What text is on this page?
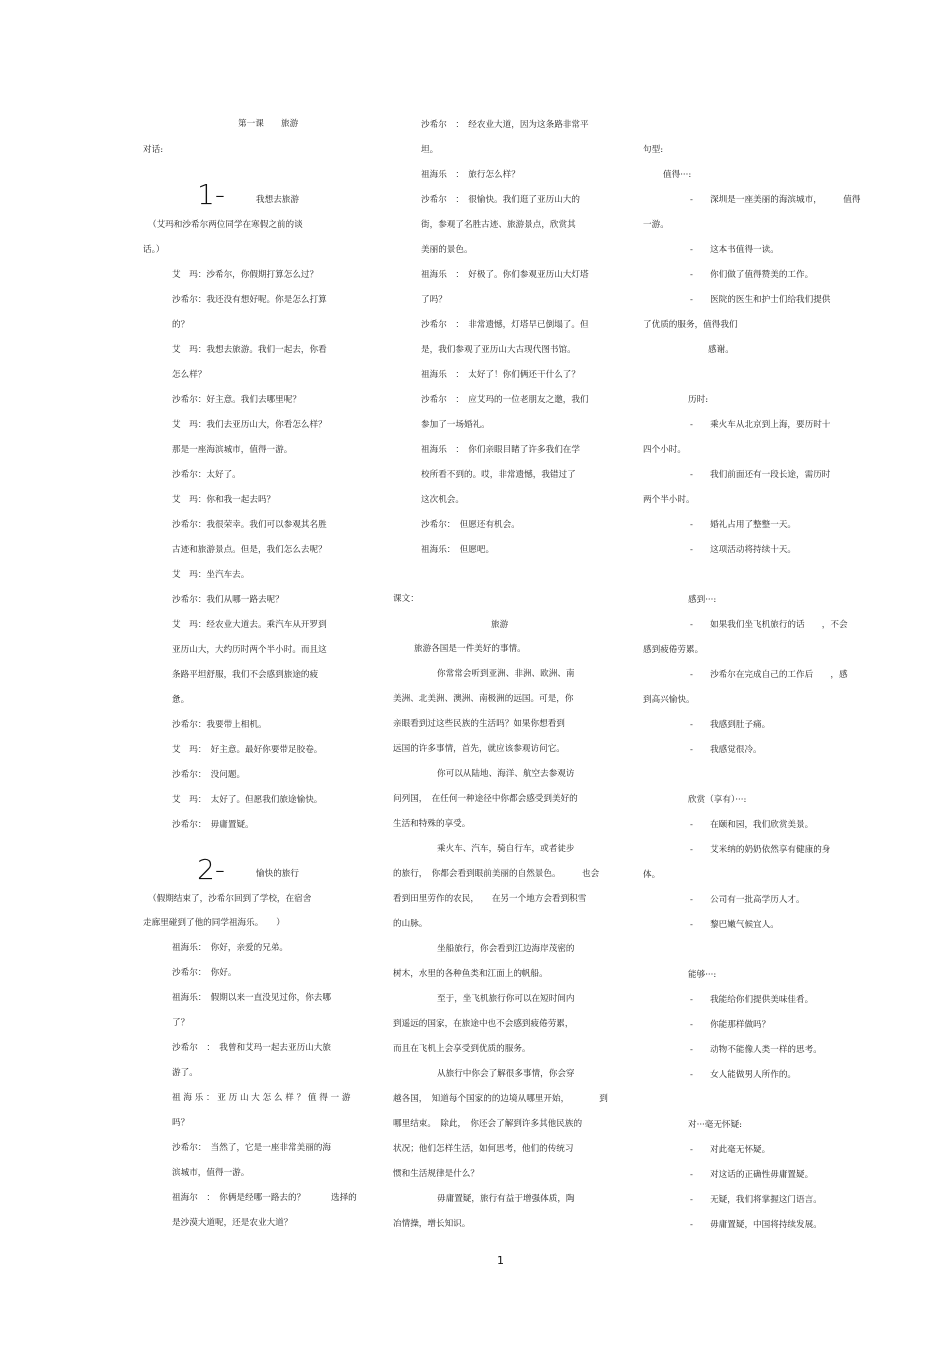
第一课　　旅游
对话:
1-	我想去旅游
（艾玛和沙希尔两位同学在寒假之前的谈
话。）
艾　玛：沙希尔，你假期打算怎么过？
沙希尔：我还没有想好呢。你是怎么打算
的？
艾　玛：我想去旅游。我们一起去，你看
怎么样？
沙希尔：好主意。我们去哪里呢？
艾　玛：我们去亚历山大，你看怎么样？
那是一座海滨城市，值得一游。
沙希尔：太好了。
艾　玛：你和我一起去吗？
沙希尔：我很荣幸。我们可以参观其名胜
古迹和旅游景点。但是，我们怎么去呢？
艾　玛：坐汽车去。
沙希尔：我们从哪一路去呢？
艾　玛：经农业大道去。乘汽车从开罗到
亚历山大，大约历时两个半小时。而且这
条路平坦舒服，我们不会感到旅途的疲
惫。
沙希尔：我要带上相机。
艾　玛：　好主意。最好你要带足胶卷。
沙希尔：　没问题。
艾　玛：　太好了。但愿我们旅途愉快。
沙希尔：　毋庸置疑。
2-	愉快的旅行
（假期结束了，沙希尔回到了学校，在宿舍
走廊里碰到了他的同学祖海乐。　　）
祖海乐：　你好，亲爱的兄弟。
沙希尔：　你好。
祖海乐：　假期以来一直没见过你，你去哪
了？
沙希尔　：　我曾和艾玛一起去亚历山大旅
游了。
祖 海 乐 ： 亚 历 山 大 怎 么 样 ？ 值 得 一 游
吗？
沙希尔：　当然了，它是一座非常美丽的海
滨城市，值得一游。
祖海尔　：　你俩是经哪一路去的？　　　选择的
是沙漠大道呢，还是农业大道？
沙希尔　：　经农业大道，因为这条路非常平
坦。
祖海乐　：　旅行怎么样？
沙希尔　：　很愉快。我们逛了亚历山大的
街，参观了名胜古迹、旅游景点，欣赏其
美丽的景色。
祖海乐　：　好极了。你们参观亚历山大灯塔
了吗？
沙希尔　：　非常遗憾，灯塔早已倒塌了。但
是，我们参观了亚历山大古现代图书馆。
祖海乐　：　太好了！你们俩还干什么了？
沙希尔　：　应艾玛的一位老朋友之邀，我们
参加了一场婚礼。
祖海乐　：　你们亲眼目睹了许多我们在学
校所看不到的。哎，非常遗憾，我错过了
这次机会。
沙希尔：　但愿还有机会。
祖海乐：　但愿吧。
课文：
旅游
旅游各国是一件美好的事情。
你常常会听到亚洲、非洲、欧洲、南
美洲、北美洲、澳洲、南极洲的远国。可是，你
亲眼看到过这些民族的生活吗？如果你想看到
远国的许多事情，首先，就应该参观访问它。
你可以从陆地、海洋、航空去参观访
问列国，　在任何一种途径中你都会感受到美好的
生活和特殊的享受。
乘火车、汽车，骑自行车，或者徒步
的旅行，　你都会看到眼前美丽的自然景色。　　　也会
看到田里劳作的农民，　　在另一个地方会看到积雪
的山脉。
坐船旅行，你会看到江边海岸茂密的
树木，水里的各种鱼类和江面上的帆船。
至于，坐飞机旅行你可以在短时间内
到遥远的国家，在旅途中也不会感到疲倦劳累，
而且在飞机上会享受到优质的服务。
从旅行中你会了解很多事情，你会穿
越各国，　知道每个国家的的边境从哪里开始，　　　　到
哪里结束。　除此，　你还会了解到许多其他民族的
状况；他们怎样生活，如何思考，他们的传统习
惯和生活规律是什么？
毋庸置疑，旅行有益于增强体质，陶
冶情操，增长知识。
句型:
值得···:
-　　深圳是一座美丽的海滨城市，　　　值得
一游。
-　　这本书值得一读。
-　　你们做了值得赞美的工作。
-　　医院的医生和护士们给我们提供
了优质的服务，值得我们
感谢。
历时:
-　　乘火车从北京到上海，要历时十
四个小时。
-　　我们前面还有一段长途，需历时
两个半小时。
-　　婚礼占用了整整一天。
-　　这项活动将持续十天。
感到···:
-　　如果我们坐飞机旅行的话　　，不会
感到疲倦劳累。
-　　沙希尔在完成自己的工作后　　，感
到高兴愉快。
-　　我感到肚子痛。
-　　我感觉很冷。
欣赏（享有）···:
-　　在颐和园，我们欣赏美景。
-　　艾米纳的奶奶依然享有健康的身
体。
-　　公司有一批高学历人才。
-　　黎巴嫩气候宜人。
能够···:
-　　我能给你们提供美味佳肴。
-　　你能那样做吗？
-　　动物不能像人类一样的思考。
-　　女人能做男人所作的。
对···毫无怀疑:
-　　对此毫无怀疑。
-　　对这话的正确性毋庸置疑。
-　　无疑，我们将掌握这门语言。
-　　毋庸置疑，中国将持续发展。
1
